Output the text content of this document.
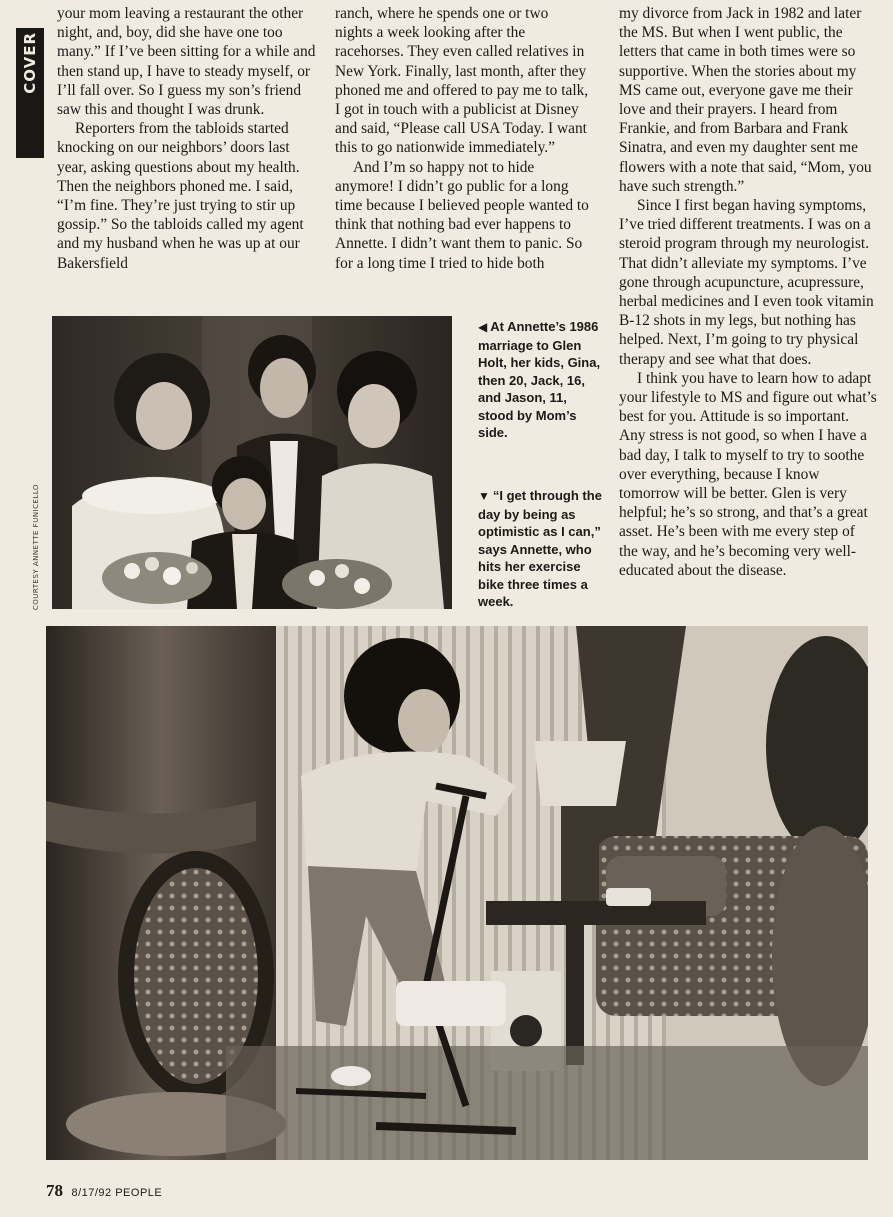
COVER

your mom leaving a restaurant the other night, and, boy, did she have one too many.” If I’ve been sitting for a while and then stand up, I have to steady myself, or I’ll fall over. So I guess my son’s friend saw this and thought I was drunk.

Reporters from the tabloids started knocking on our neighbors’ doors last year, asking questions about my health. Then the neighbors phoned me. I said, “I’m fine. They’re just trying to stir up gossip.” So the tabloids called my agent and my husband when he was up at our Bakersfield

ranch, where he spends one or two nights a week looking after the racehorses. They even called relatives in New York. Finally, last month, after they phoned me and offered to pay me to talk, I got in touch with a publicist at Disney and said, “Please call USA Today. I want this to go nationwide immediately.”

And I’m so happy not to hide anymore! I didn’t go public for a long time because I believed people wanted to think that nothing bad ever happens to Annette. I didn’t want them to panic. So for a long time I tried to hide both

my divorce from Jack in 1982 and later the MS. But when I went public, the letters that came in both times were so supportive. When the stories about my MS came out, everyone gave me their love and their prayers. I heard from Frankie, and from Barbara and Frank Sinatra, and even my daughter sent me flowers with a note that said, “Mom, you have such strength.”

Since I first began having symptoms, I’ve tried different treatments. I was on a steroid program through my neurologist. That didn’t alleviate my symptoms. I’ve gone through acupuncture, acupressure, herbal medicines and I even took vitamin B-12 shots in my legs, but nothing has helped. Next, I’m going to try physical therapy and see what that does.

I think you have to learn how to adapt your lifestyle to MS and figure out what’s best for you. Attitude is so important. Any stress is not good, so when I have a bad day, I talk to myself to try to soothe over everything, because I know tomorrow will be better. Glen is very helpful; he’s so strong, and that’s a great asset. He’s been with me every step of the way, and he’s becoming very well-educated about the disease.

COURTESY ANNETTE FUNICELLO
◀ At Annette’s 1986 marriage to Glen Holt, her kids, Gina, then 20, Jack, 16, and Jason, 11, stood by Mom’s side.
▼ “I get through the day by being as optimistic as I can,” says Annette, who hits her exercise bike three times a week.
78 8/17/92 PEOPLE
